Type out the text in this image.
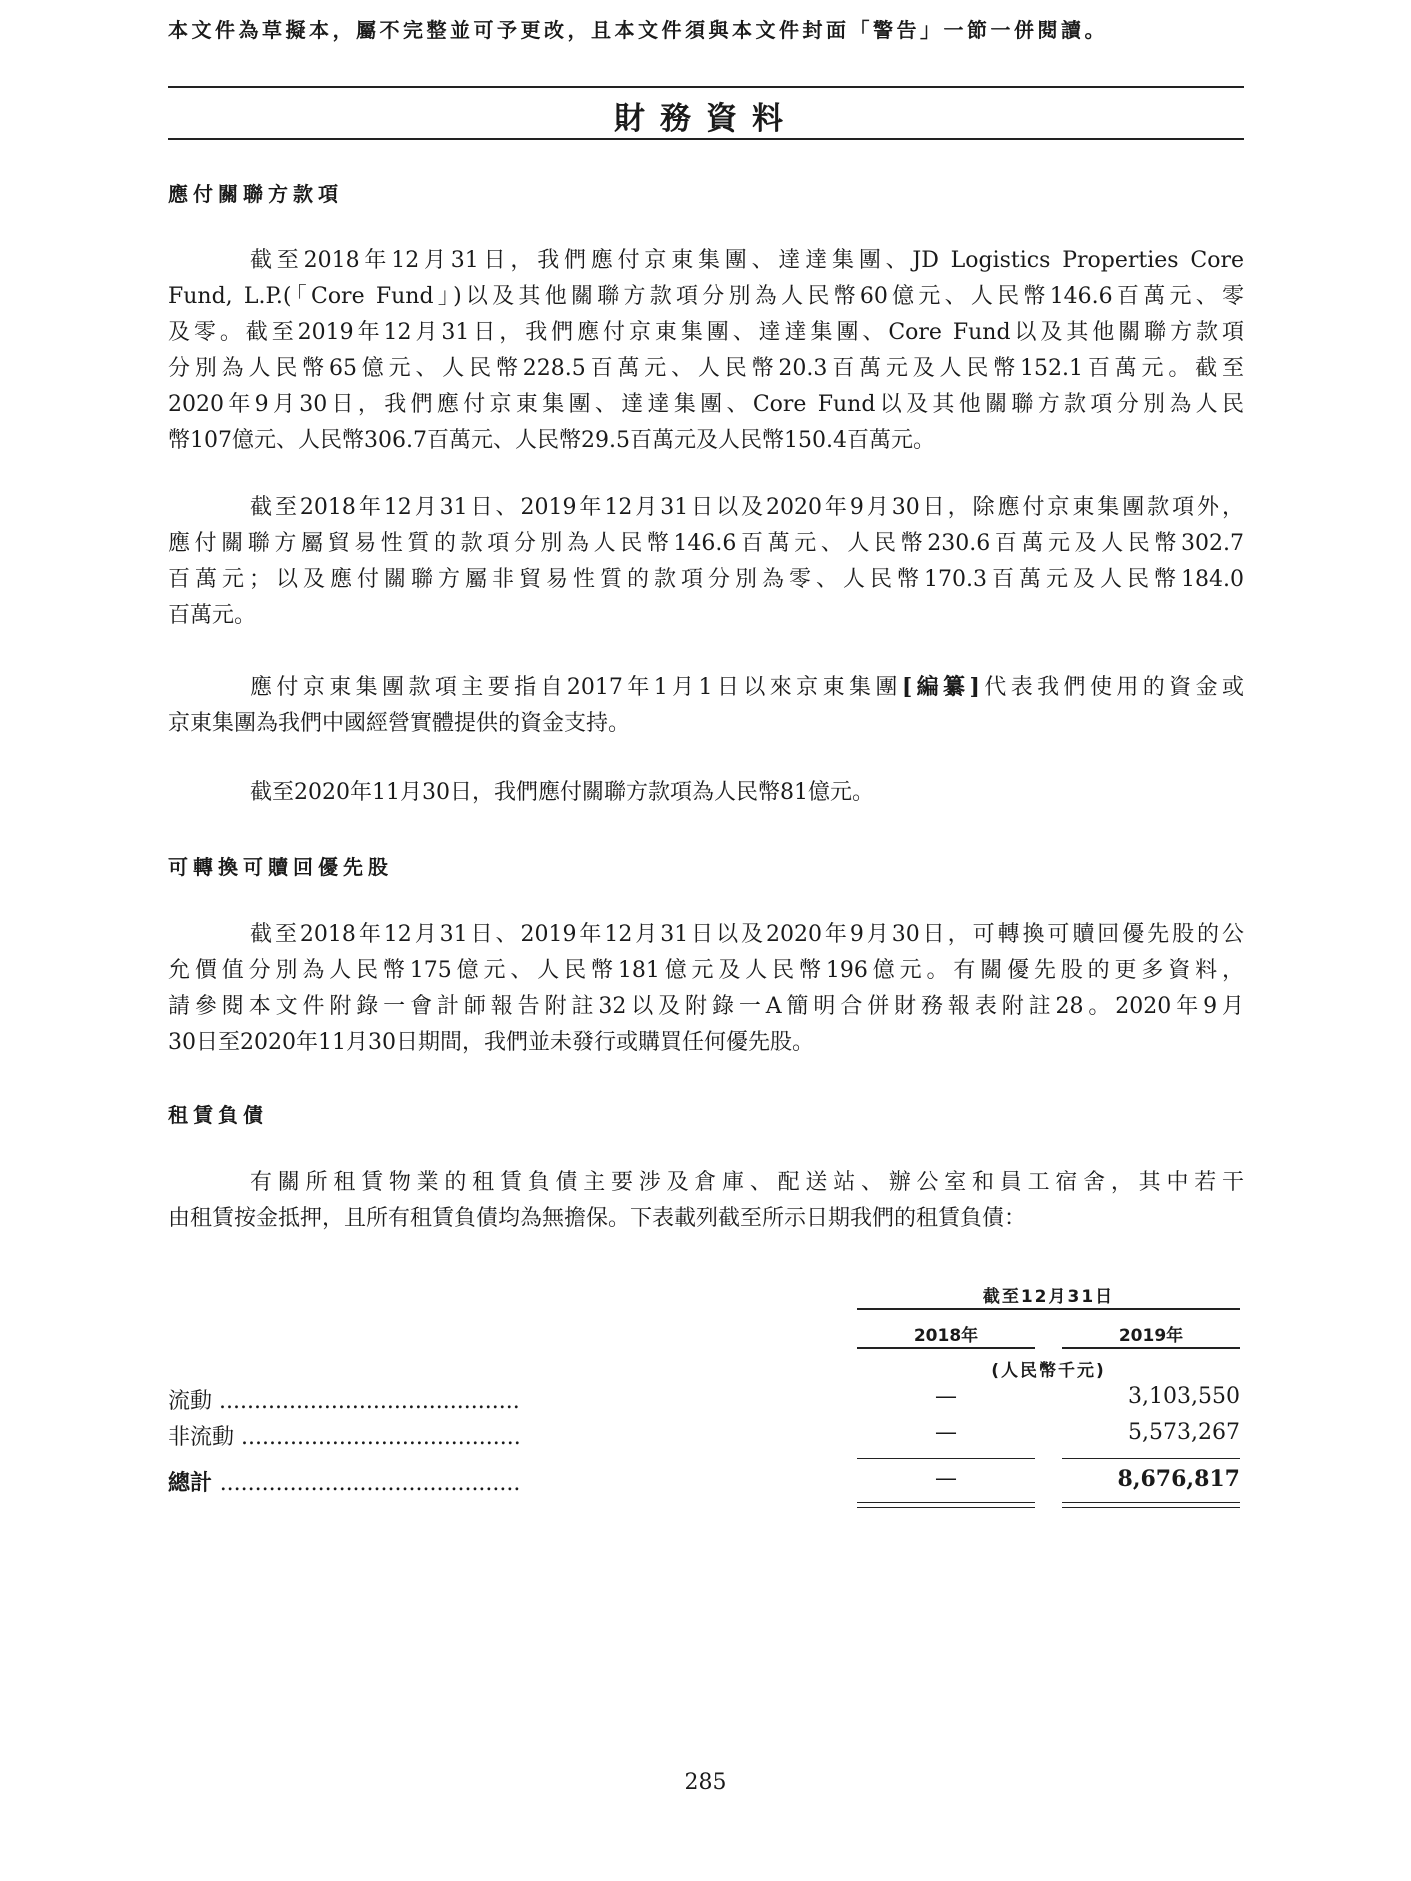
本文件為草擬本，屬不完整並可予更改，且本文件須與本文件封面「警告」一節一併閱讀。
財務資料
應付關聯方款項
截至2018年12月31日，我們應付京東集團、達達集團、JD Logistics Properties Core
Fund, L.P.(「Core Fund」)以及其他關聯方款項分別為人民幣60億元、人民幣146.6百萬元、零
及零。截至2019年12月31日，我們應付京東集團、達達集團、Core Fund以及其他關聯方款項
分別為人民幣65億元、人民幣228.5百萬元、人民幣20.3百萬元及人民幣152.1百萬元。截至
2020年9月30日，我們應付京東集團、達達集團、Core Fund以及其他關聯方款項分別為人民
幣107億元、人民幣306.7百萬元、人民幣29.5百萬元及人民幣150.4百萬元。
截至2018年12月31日、2019年12月31日以及2020年9月30日，除應付京東集團款項外，
應付關聯方屬貿易性質的款項分別為人民幣146.6百萬元、人民幣230.6百萬元及人民幣302.7
百萬元；以及應付關聯方屬非貿易性質的款項分別為零、人民幣170.3百萬元及人民幣184.0
百萬元。
應付京東集團款項主要指自2017年1月1日以來京東集團[編纂]代表我們使用的資金或
京東集團為我們中國經營實體提供的資金支持。
截至2020年11月30日，我們應付關聯方款項為人民幣81億元。
可轉換可贖回優先股
截至2018年12月31日、2019年12月31日以及2020年9月30日，可轉換可贖回優先股的公
允價值分別為人民幣175億元、人民幣181億元及人民幣196億元。有關優先股的更多資料，
請參閱本文件附錄一會計師報告附註32以及附錄一A簡明合併財務報表附註28。2020年9月
30日至2020年11月30日期間，我們並未發行或購買任何優先股。
租賃負債
有關所租賃物業的租賃負債主要涉及倉庫、配送站、辦公室和員工宿舍，其中若干
由租賃按金抵押，且所有租賃負債均為無擔保。下表載列截至所示日期我們的租賃負債：
截至12月31日
2018年	2019年
(人民幣千元)
流動 ...........................................	—	3,103,550
非流動 ........................................	—	5,573,267
總計 ...........................................	—	8,676,817
285
